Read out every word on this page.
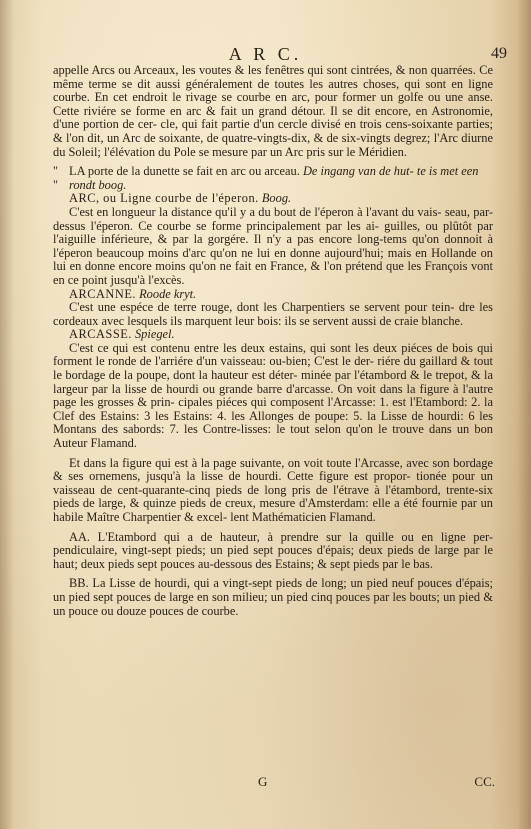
A R C.	49

appelle Arcs ou Arceaux, les voutes & les fenêtres qui sont cintrées, & non quarrées. Ce même terme se dit aussi généralement de toutes les autres choses, qui sont en ligne courbe. En cet endroit le rivage se courbe en arc, pour former un golfe ou une anse. Cette riviére se forme en arc & fait un grand détour. Il se dit encore, en Astronomie, d'une portion de cer- cle, qui fait partie d'un cercle divisé en trois cens-soixante parties; & l'on dit, un Arc de soixante, de quatre-vingts-dix, & de six-vingts degrez; l'Arc diurne du Soleil; l'élévation du Pole se mesure par un Arc pris sur le Méridien.

"
"
LA porte de la dunette se fait en arc ou arceau. De ingang van de hut- te is met een rondt boog.

ARC, ou Ligne courbe de l'éperon. Boog.

C'est en longueur la distance qu'il y a du bout de l'éperon à l'avant du vais- seau, par-dessus l'éperon. Ce courbe se forme principalement par les ai- guilles, ou plûtôt par l'aiguille inférieure, & par la gorgére. Il n'y a pas encore long-tems qu'on donnoit à l'éperon beaucoup moins d'arc qu'on ne lui en donne aujourd'hui; mais en Hollande on lui en donne encore moins qu'on ne fait en France, & l'on prétend que les François vont en ce point jusqu'à l'excès.

ARCANNE. Roode kryt.

C'est une espéce de terre rouge, dont les Charpentiers se servent pour tein- dre les cordeaux avec lesquels ils marquent leur bois: ils se servent aussi de craie blanche.

ARCASSE. Spiegel.

C'est ce qui est contenu entre les deux estains, qui sont les deux piéces de bois qui forment le ronde de l'arriére d'un vaisseau: ou-bien; C'est le der- riére du gaillard & tout le bordage de la poupe, dont la hauteur est déter- minée par l'étambord & le trepot, & la largeur par la lisse de hourdi ou grande barre d'arcasse. On voit dans la figure à l'autre page les grosses & prin- cipales piéces qui composent l'Arcasse: 1. est l'Etambord: 2. la Clef des Estains: 3 les Estains: 4. les Allonges de poupe: 5. la Lisse de hourdi: 6 les Montans des sabords: 7. les Contre-lisses: le tout selon qu'on le trouve dans un bon Auteur Flamand.

Et dans la figure qui est à la page suivante, on voit toute l'Arcasse, avec son bordage & ses ornemens, jusqu'à la lisse de hourdi. Cette figure est propor- tionée pour un vaisseau de cent-quarante-cinq pieds de long pris de l'étrave à l'étambord, trente-six pieds de large, & quinze pieds de creux, mesure d'Amsterdam: elle a été fournie par un habile Maître Charpentier & excel- lent Mathématicien Flamand.

AA. L'Etambord qui a de hauteur, à prendre sur la quille ou en ligne per- pendiculaire, vingt-sept pieds; un pied sept pouces d'épais; deux pieds de large par le haut; deux pieds sept pouces au-dessous des Estains; & sept pieds par le bas.

BB. La Lisse de hourdi, qui a vingt-sept pieds de long; un pied neuf pouces d'épais; un pied sept pouces de large en son milieu; un pied cinq pouces par les bouts; un pied & un pouce ou douze pouces de courbe.

G	CC.
